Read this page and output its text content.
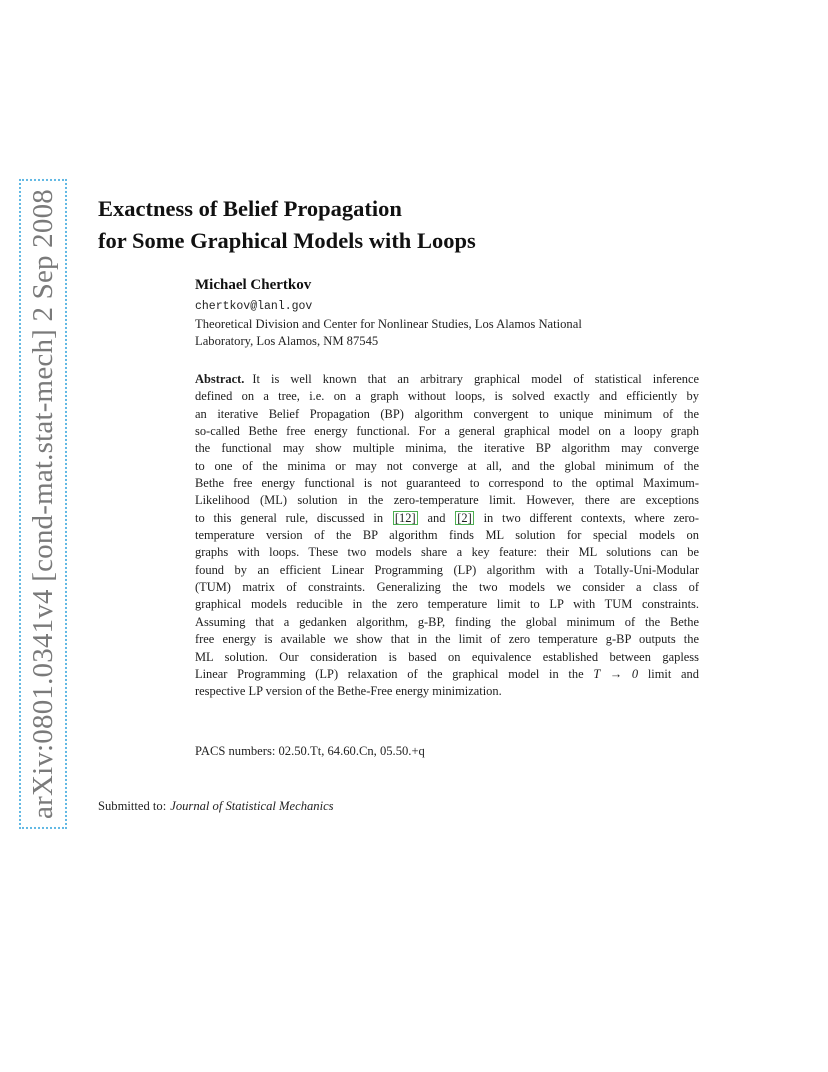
arXiv:0801.0341v4 [cond-mat.stat-mech] 2 Sep 2008	Exactness of Belief Propagation
for Some Graphical Models with Loops
Michael Chertkov
chertkov@lanl.gov
Theoretical Division and Center for Nonlinear Studies, Los Alamos National
Laboratory, Los Alamos, NM 87545
Abstract. It is well known that an arbitrary graphical model of statistical inference
defined on a tree, i.e. on a graph without loops, is solved exactly and efficiently by
an iterative Belief Propagation (BP) algorithm convergent to unique minimum of the
so-called Bethe free energy functional. For a general graphical model on a loopy graph
the functional may show multiple minima, the iterative BP algorithm may converge
to one of the minima or may not converge at all, and the global minimum of the
Bethe free energy functional is not guaranteed to correspond to the optimal Maximum-
Likelihood (ML) solution in the zero-temperature limit. However, there are exceptions
to this general rule, discussed in [12] and [2] in two different contexts, where zero-
temperature version of the BP algorithm finds ML solution for special models on
graphs with loops. These two models share a key feature: their ML solutions can be
found by an efficient Linear Programming (LP) algorithm with a Totally-Uni-Modular
(TUM) matrix of constraints. Generalizing the two models we consider a class of
graphical models reducible in the zero temperature limit to LP with TUM constraints.
Assuming that a gedanken algorithm, g-BP, finding the global minimum of the Bethe
free energy is available we show that in the limit of zero temperature g-BP outputs the
ML solution. Our consideration is based on equivalence established between gapless
Linear Programming (LP) relaxation of the graphical model in the T → 0 limit and
respective LP version of the Bethe-Free energy minimization.
PACS numbers: 02.50.Tt, 64.60.Cn, 05.50.+q
Submitted to: Journal of Statistical Mechanics
